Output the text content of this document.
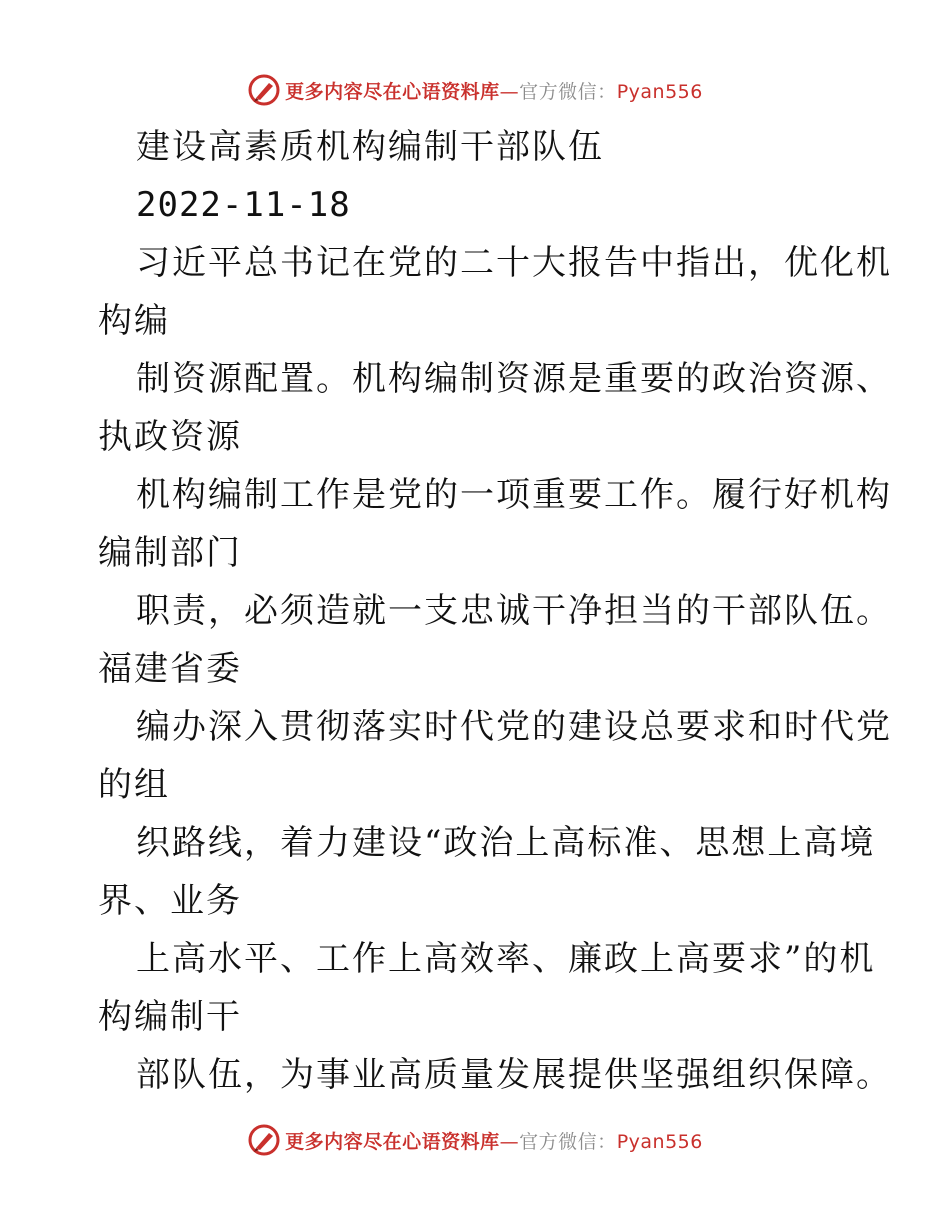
更多内容尽在心语资料库—官方微信：Pyan556
建设高素质机构编制干部队伍
2022-11-18
习近平总书记在党的二十大报告中指出，优化机
构编
制资源配置。机构编制资源是重要的政治资源、
执政资源
机构编制工作是党的一项重要工作。履行好机构
编制部门
职责，必须造就一支忠诚干净担当的干部队伍。
福建省委
编办深入贯彻落实时代党的建设总要求和时代党
的组
织路线，着力建设“政治上高标准、思想上高境
界、业务
上高水平、工作上高效率、廉政上高要求”的机
构编制干
部队伍，为事业高质量发展提供坚强组织保障。
更多内容尽在心语资料库—官方微信：Pyan556
